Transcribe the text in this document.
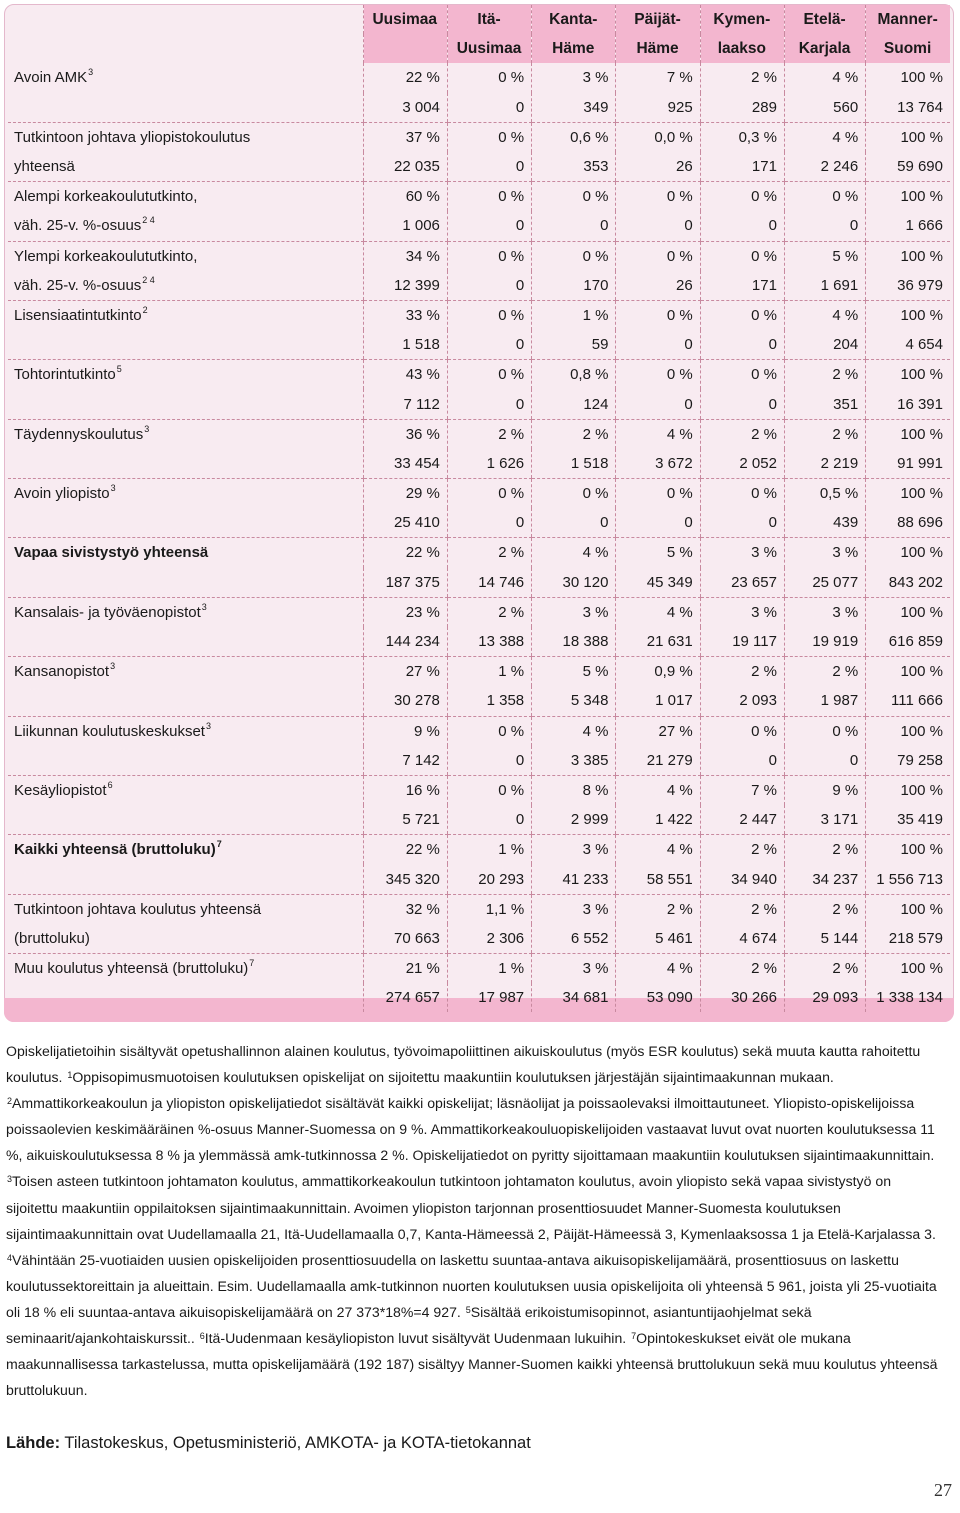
	Uusimaa	Itä-	Kanta-	Päijät-	Kymen-	Etelä-	Manner-
		Uusimaa	Häme	Häme	laakso	Karjala	Suomi
Avoin AMK$^3$	22 %	0 %	3 %	7 %	2 %	4 %	100 %
	3 004	0	349	925	289	560	13 764
Tutkintoon johtava yliopistokoulutus	37 %	0 %	0,6 %	0,0 %	0,3 %	4 %	100 %
yhteensä	22 035	0	353	26	171	2 246	59 690
Alempi korkeakoulututkinto,	60 %	0 %	0 %	0 %	0 %	0 %	100 %
väh. 25-v. %-osuus$^{2 4}$	1 006	0	0	0	0	0	1 666
Ylempi korkeakoulututkinto,	34 %	0 %	0 %	0 %	0 %	5 %	100 %
väh. 25-v. %-osuus$^{2 4}$	12 399	0	170	26	171	1 691	36 979
Lisensiaatintutkinto$^2$	33 %	0 %	1 %	0 %	0 %	4 %	100 %
	1 518	0	59	0	0	204	4 654
Tohtorintutkinto$^5$	43 %	0 %	0,8 %	0 %	0 %	2 %	100 %
	7 112	0	124	0	0	351	16 391
Täydennyskoulutus$^3$	36 %	2 %	2 %	4 %	2 %	2 %	100 %
	33 454	1 626	1 518	3 672	2 052	2 219	91 991
Avoin yliopisto$^3$	29 %	0 %	0 %	0 %	0 %	0,5 %	100 %
	25 410	0	0	0	0	439	88 696
Vapaa sivistystyö yhteensä	22 %	2 %	4 %	5 %	3 %	3 %	100 %
	187 375	14 746	30 120	45 349	23 657	25 077	843 202
Kansalais- ja työväenopistot$^3$	23 %	2 %	3 %	4 %	3 %	3 %	100 %
	144 234	13 388	18 388	21 631	19 117	19 919	616 859
Kansanopistot$^3$	27 %	1 %	5 %	0,9 %	2 %	2 %	100 %
	30 278	1 358	5 348	1 017	2 093	1 987	111 666
Liikunnan koulutuskeskukset$^3$	9 %	0 %	4 %	27 %	0 %	0 %	100 %
	7 142	0	3 385	21 279	0	0	79 258
Kesäyliopistot$^6$	16 %	0 %	8 %	4 %	7 %	9 %	100 %
	5 721	0	2 999	1 422	2 447	3 171	35 419
Kaikki yhteensä (bruttoluku)$^7$	22 %	1 %	3 %	4 %	2 %	2 %	100 %
	345 320	20 293	41 233	58 551	34 940	34 237	1 556 713
Tutkintoon johtava koulutus yhteensä	32 %	1,1 %	3 %	2 %	2 %	2 %	100 %
(bruttoluku)	70 663	2 306	6 552	5 461	4 674	5 144	218 579
Muu koulutus yhteensä (bruttoluku)$^7$	21 %	1 %	3 %	4 %	2 %	2 %	100 %
	274 657	17 987	34 681	53 090	30 266	29 093	1 338 134

Opiskelijatietoihin sisältyvät opetushallinnon alainen koulutus, työvoimapoliittinen aikuiskoulutus (myös ESR koulutus) sekä muuta kautta rahoitettu koulutus. $^1$Oppisopimusmuotoisen koulutuksen opiskelijat on sijoitettu maakuntiin koulutuksen järjestäjän sijaintimaakunnan mukaan. $^2$Ammattikorkeakoulun ja yliopiston opiskelijatiedot sisältävät kaikki opiskelijat; läsnäolijat ja poissaolevaksi ilmoittautuneet. Yliopisto-opiskelijoissa poissaolevien keskimääräinen %-osuus Manner-Suomessa on 9 %. Ammattikorkeakouluopiskelijoiden vastaavat luvut ovat nuorten koulutuksessa 11 %, aikuiskoulutuksessa 8 % ja ylemmässä amk-tutkinnossa 2 %. Opiskelijatiedot on pyritty sijoittamaan maakuntiin koulutuksen sijaintimaakunnittain. $^3$Toisen asteen tutkintoon johtamaton koulutus, ammattikorkeakoulun tutkintoon johtamaton koulutus, avoin yliopisto sekä vapaa sivistystyö on sijoitettu maakuntiin oppilaitoksen sijaintimaakunnittain. Avoimen yliopiston tarjonnan prosenttiosuudet Manner-Suomesta koulutuksen sijaintimaakunnittain ovat Uudellamaalla 21, Itä-Uudellamaalla 0,7, Kanta-Hämeessä 2, Päijät-Hämeessä 3, Kymenlaaksossa 1 ja Etelä-Karjalassa 3. $^4$Vähintään 25-vuotiaiden uusien opiskelijoiden prosenttiosuudella on laskettu suuntaa-antava aikuisopiskelijamäärä, prosenttiosuus on laskettu koulutussektoreittain ja alueittain. Esim. Uudellamaalla amk-tutkinnon nuorten koulutuksen uusia opiskelijoita oli yhteensä 5 961, joista yli 25-vuotiaita oli 18 % eli suuntaa-antava aikuisopiskelijamäärä on 27 373*18%=4 927. $^5$Sisältää erikoistumisopinnot, asiantuntijaohjelmat sekä seminaarit/ajankohtaiskurssit.. $^6$Itä-Uudenmaan kesäyliopiston luvut sisältyvät Uudenmaan lukuihin. $^7$Opintokeskukset eivät ole mukana maakunnallisessa tarkastelussa, mutta opiskelijamäärä (192 187) sisältyy Manner-Suomen kaikki yhteensä bruttolukuun sekä muu koulutus yhteensä bruttolukuun.

Lähde: Tilastokeskus, Opetusministeriö, AMKOTA- ja KOTA-tietokannat
27
